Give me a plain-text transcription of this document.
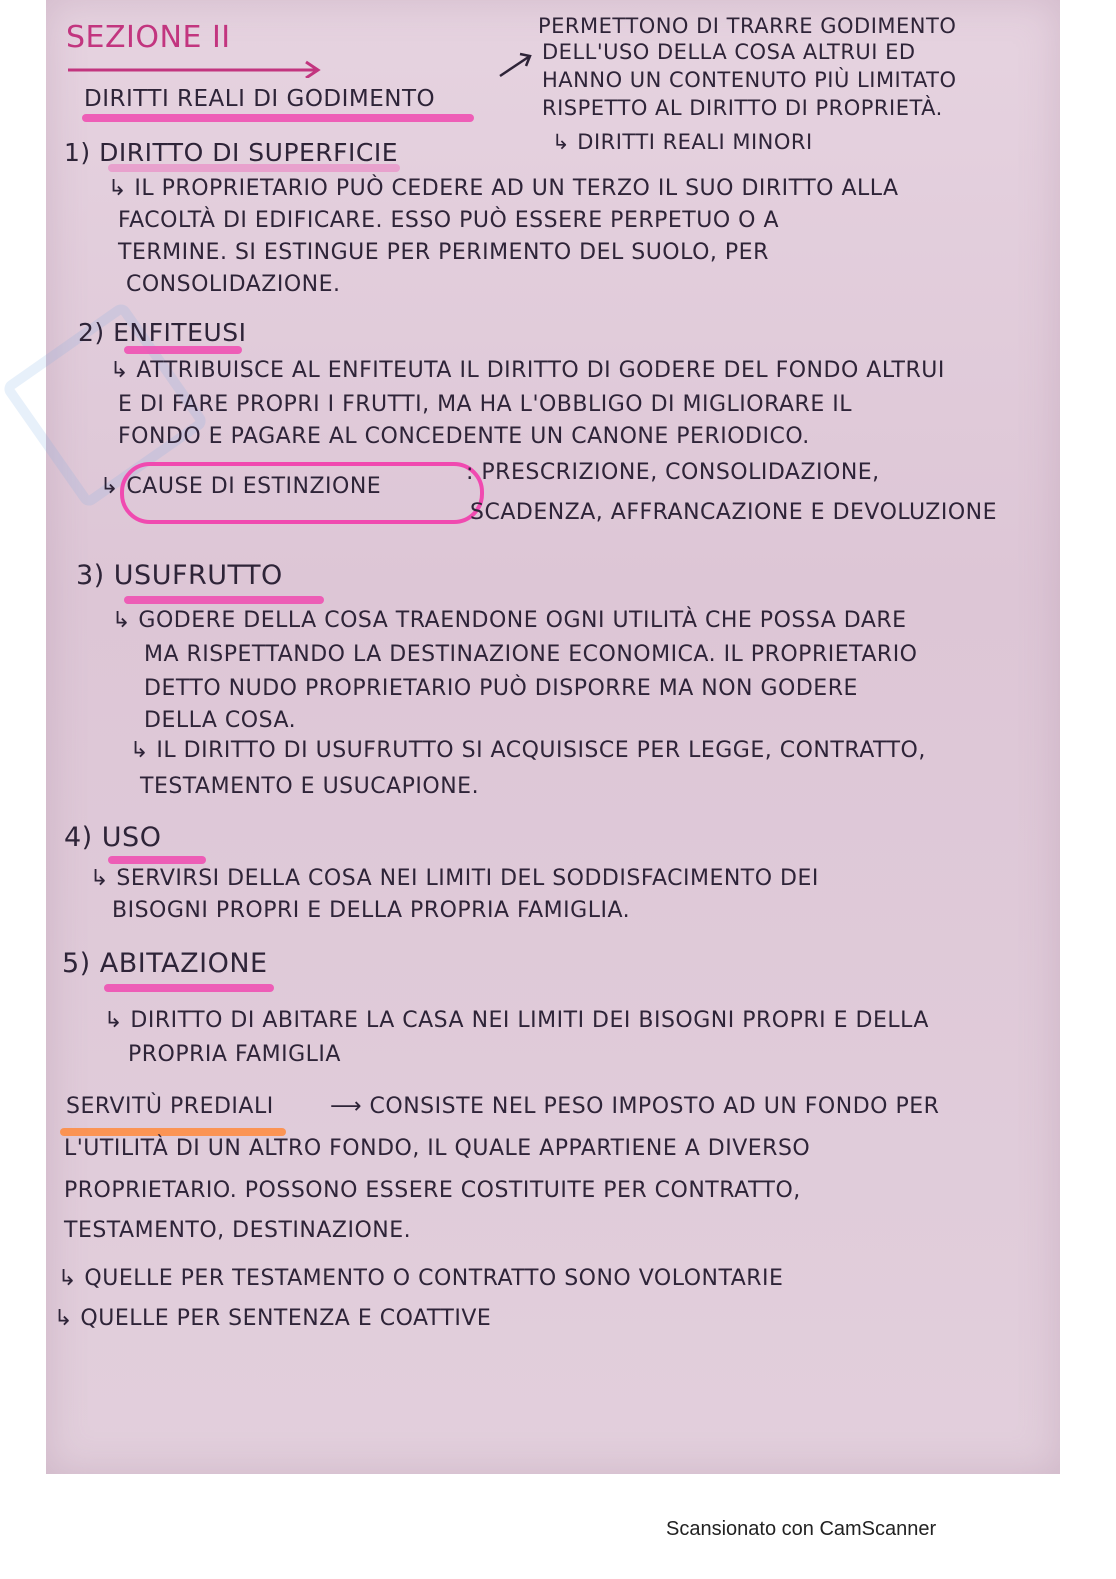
SEZIONE II
DIRITTI REALI DI GODIMENTO
PERMETTONO DI TRARRE GODIMENTO
DELL'USO DELLA COSA ALTRUI ED
HANNO UN CONTENUTO PIÙ LIMITATO
RISPETTO AL DIRITTO DI PROPRIETÀ.
↳ DIRITTI REALI MINORI
1) DIRITTO DI SUPERFICIE
↳ IL PROPRIETARIO PUÒ CEDERE AD UN TERZO IL SUO DIRITTO ALLA
FACOLTÀ DI EDIFICARE. ESSO PUÒ ESSERE PERPETUO O A
TERMINE. SI ESTINGUE PER PERIMENTO DEL SUOLO, PER
CONSOLIDAZIONE.
2) ENFITEUSI
↳ ATTRIBUISCE AL ENFITEUTA IL DIRITTO DI GODERE DEL FONDO ALTRUI
E DI FARE PROPRI I FRUTTI, MA HA L'OBBLIGO DI MIGLIORARE IL
FONDO E PAGARE AL CONCEDENTE UN CANONE PERIODICO.
↳ CAUSE DI ESTINZIONE
: PRESCRIZIONE, CONSOLIDAZIONE,
SCADENZA, AFFRANCAZIONE E DEVOLUZIONE
3) USUFRUTTO
↳ GODERE DELLA COSA TRAENDONE OGNI UTILITÀ CHE POSSA DARE
MA RISPETTANDO LA DESTINAZIONE ECONOMICA. IL PROPRIETARIO
DETTO NUDO PROPRIETARIO PUÒ DISPORRE MA NON GODERE
DELLA COSA.
↳ IL DIRITTO DI USUFRUTTO SI ACQUISISCE PER LEGGE, CONTRATTO,
TESTAMENTO E USUCAPIONE.
4) USO
↳ SERVIRSI DELLA COSA NEI LIMITI DEL SODDISFACIMENTO DEI
BISOGNI PROPRI E DELLA PROPRIA FAMIGLIA.
5) ABITAZIONE
↳ DIRITTO DI ABITARE LA CASA NEI LIMITI DEI BISOGNI PROPRI E DELLA
PROPRIA FAMIGLIA
SERVITÙ PREDIALI	⟶ CONSISTE NEL PESO IMPOSTO AD UN FONDO PER
L'UTILITÀ DI UN ALTRO FONDO, IL QUALE APPARTIENE A DIVERSO
PROPRIETARIO. POSSONO ESSERE COSTITUITE PER CONTRATTO,
TESTAMENTO, DESTINAZIONE.
↳ QUELLE PER TESTAMENTO O CONTRATTO SONO VOLONTARIE
↳ QUELLE PER SENTENZA E COATTIVE
Scansionato con CamScanner
